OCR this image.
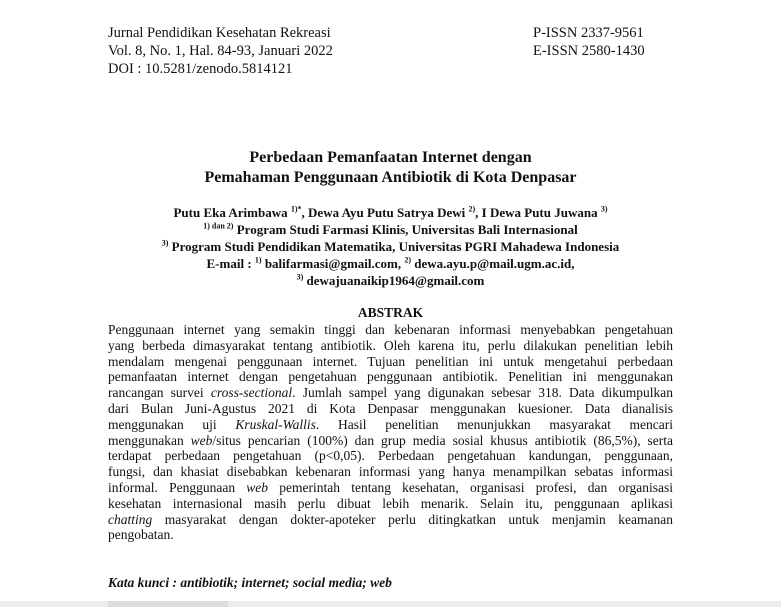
Jurnal Pendidikan Kesehatan Rekreasi
Vol. 8, No. 1, Hal. 84-93, Januari 2022
DOI : 10.5281/zenodo.5814121
P-ISSN 2337-9561
E-ISSN 2580-1430
Perbedaan Pemanfaatan Internet dengan
Pemahaman Penggunaan Antibiotik di Kota Denpasar
Putu Eka Arimbawa $^{1)*}$, Dewa Ayu Putu Satrya Dewi $^{2)}$, I Dewa Putu Juwana $^{3)}$
$^{1) dan 2)}$ Program Studi Farmasi Klinis, Universitas Bali Internasional
$^{3)}$ Program Studi Pendidikan Matematika, Universitas PGRI Mahadewa Indonesia
E-mail : $^{1)}$ balifarmasi@gmail.com, $^{2)}$ dewa.ayu.p@mail.ugm.ac.id,
$^{3)}$ dewajuanaikip1964@gmail.com
ABSTRAK
Penggunaan internet yang semakin tinggi dan kebenaran informasi menyebabkan pengetahuan
yang berbeda dimasyarakat tentang antibiotik. Oleh karena itu, perlu dilakukan penelitian lebih
mendalam mengenai penggunaan internet. Tujuan penelitian ini untuk mengetahui perbedaan
pemanfaatan internet dengan pengetahuan penggunaan antibiotik. Penelitian ini menggunakan
rancangan survei cross-sectional. Jumlah sampel yang digunakan sebesar 318. Data dikumpulkan
dari Bulan Juni-Agustus 2021 di Kota Denpasar menggunakan kuesioner. Data dianalisis
menggunakan uji Kruskal-Wallis. Hasil penelitian menunjukkan masyarakat mencari
menggunakan web/situs pencarian (100%) dan grup media sosial khusus antibiotik (86,5%), serta
terdapat perbedaan pengetahuan (p<0,05). Perbedaan pengetahuan kandungan, penggunaan,
fungsi, dan khasiat disebabkan kebenaran informasi yang hanya menampilkan sebatas informasi
informal. Penggunaan web pemerintah tentang kesehatan, organisasi profesi, dan organisasi
kesehatan internasional masih perlu dibuat lebih menarik. Selain itu, penggunaan aplikasi
chatting masyarakat dengan dokter-apoteker perlu ditingkatkan untuk menjamin keamanan
pengobatan.
Kata kunci : antibiotik; internet; social media; web
